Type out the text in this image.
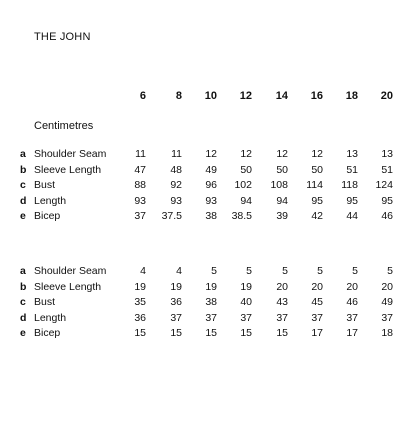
THE JOHN
6	8	10	12	14	16	18	20
Centimetres
a Shoulder Seam	11	11	12	12	12	12	13	13
b Sleeve Length	47	48	49	50	50	50	51	51
c Bust	88	92	96	102	108	114	118	124
d Length	93	93	93	94	94	95	95	95
e Bicep	37	37.5	38	38.5	39	42	44	46
a Shoulder Seam	4	4	5	5	5	5	5	5
b Sleeve Length	19	19	19	19	20	20	20	20
c Bust	35	36	38	40	43	45	46	49
d Length	36	37	37	37	37	37	37	37
e Bicep	15	15	15	15	15	17	17	18
